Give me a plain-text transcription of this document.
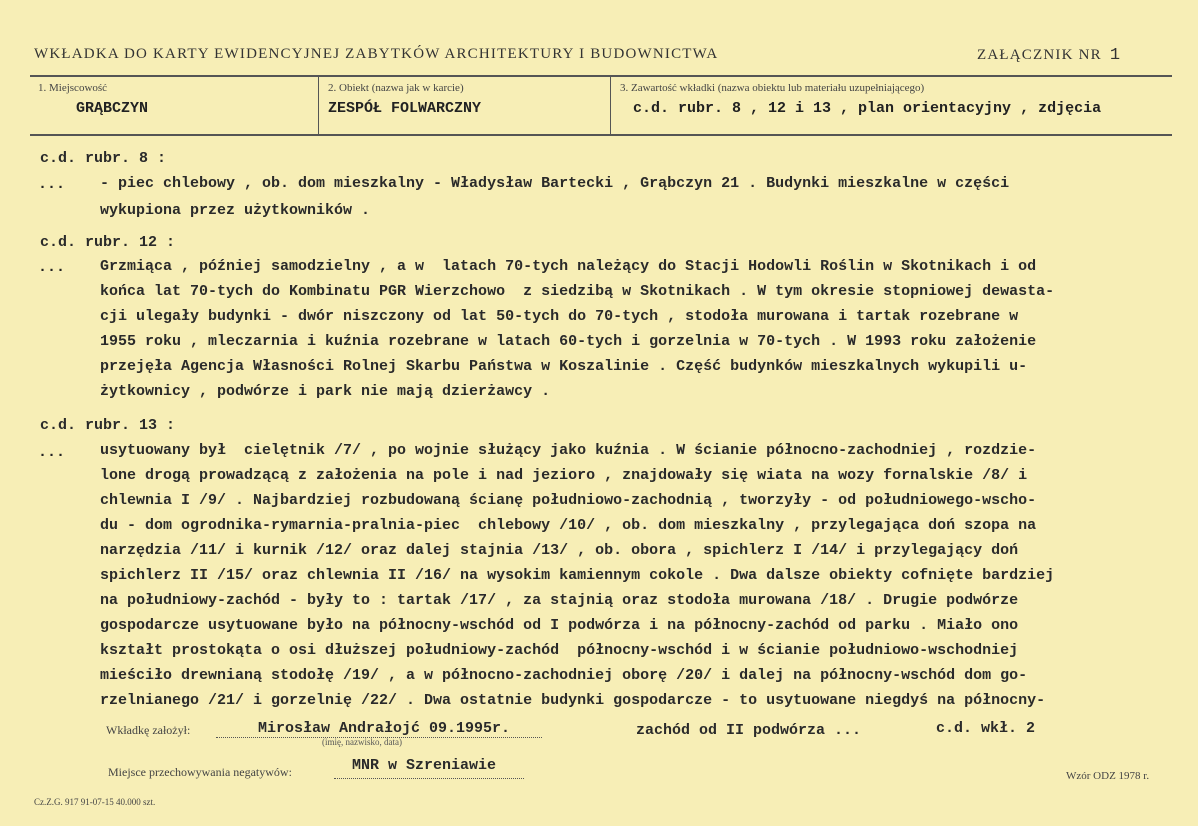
WKŁADKA DO KARTY EWIDENCYJNEJ ZABYTKÓW ARCHITEKTURY I BUDOWNICTWA	ZAŁĄCZNIK NR 1
1. Miejscowość
GRĄBCZYN
2. Obiekt (nazwa jak w karcie)
ZESPÓŁ FOLWARCZNY
3. Zawartość wkładki (nazwa obiektu lub materiału uzupełniającego)
c.d. rubr. 8 , 12 i 13 , plan orientacyjny , zdjęcia
c.d. rubr. 8 :
... - piec chlebowy , ob. dom mieszkalny - Władysław Bartecki , Grąbczyn 21 . Budynki mieszkalne w części
wykupiona przez użytkowników .
c.d. rubr. 12 :
... Grzmiąca , później samodzielny , a w  latach 70-tych należący do Stacji Hodowli Roślin w Skotnikach i od
końca lat 70-tych do Kombinatu PGR Wierzchowo  z siedzibą w Skotnikach . W tym okresie stopniowej dewasta-
cji ulegały budynki - dwór niszczony od lat 50-tych do 70-tych , stodoła murowana i tartak rozebrane w
1955 roku , mleczarnia i kuźnia rozebrane w latach 60-tych i gorzelnia w 70-tych . W 1993 roku założenie
przejęła Agencja Własności Rolnej Skarbu Państwa w Koszalinie . Część budynków mieszkalnych wykupili u-
żytkownicy , podwórze i park nie mają dzierżawcy .
c.d. rubr. 13 :
... usytuowany był  cielętnik /7/ , po wojnie służący jako kuźnia . W ścianie północno-zachodniej , rozdzie-
lone drogą prowadzącą z założenia na pole i nad jezioro , znajdowały się wiata na wozy fornalskie /8/ i
chlewnia I /9/ . Najbardziej rozbudowaną ścianę południowo-zachodnią , tworzyły - od południowego-wscho-
du - dom ogrodnika-rymarnia-pralnia-piec  chlebowy /10/ , ob. dom mieszkalny , przylegająca doń szopa na
narzędzia /11/ i kurnik /12/ oraz dalej stajnia /13/ , ob. obora , spichlerz I /14/ i przylegający doń
spichlerz II /15/ oraz chlewnia II /16/ na wysokim kamiennym cokole . Dwa dalsze obiekty cofnięte bardziej
na południowy-zachód - były to : tartak /17/ , za stajnią oraz stodoła murowana /18/ . Drugie podwórze
gospodarcze usytuowane było na północny-wschód od I podwórza i na północny-zachód od parku . Miało ono
kształt prostokąta o osi dłuższej południowy-zachód  północny-wschód i w ścianie południowo-wschodniej
mieściło drewnianą stodołę /19/ , a w północno-zachodniej oborę /20/ i dalej na północny-wschód dom go-
rzelnianego /21/ i gorzelnię /22/ . Dwa ostatnie budynki gospodarcze - to usytuowane niegdyś na północny-
Wkładkę założył:	Mirosław Andrałojć 09.1995r.
(imię, nazwisko, data)
zachód od II podwórza ...	c.d. wkł. 2
Miejsce przechowywania negatywów:	MNR w Szreniawie
Wzór ODZ 1978 r.
Cz.Z.G. 917 91-07-15 40.000 szt.
